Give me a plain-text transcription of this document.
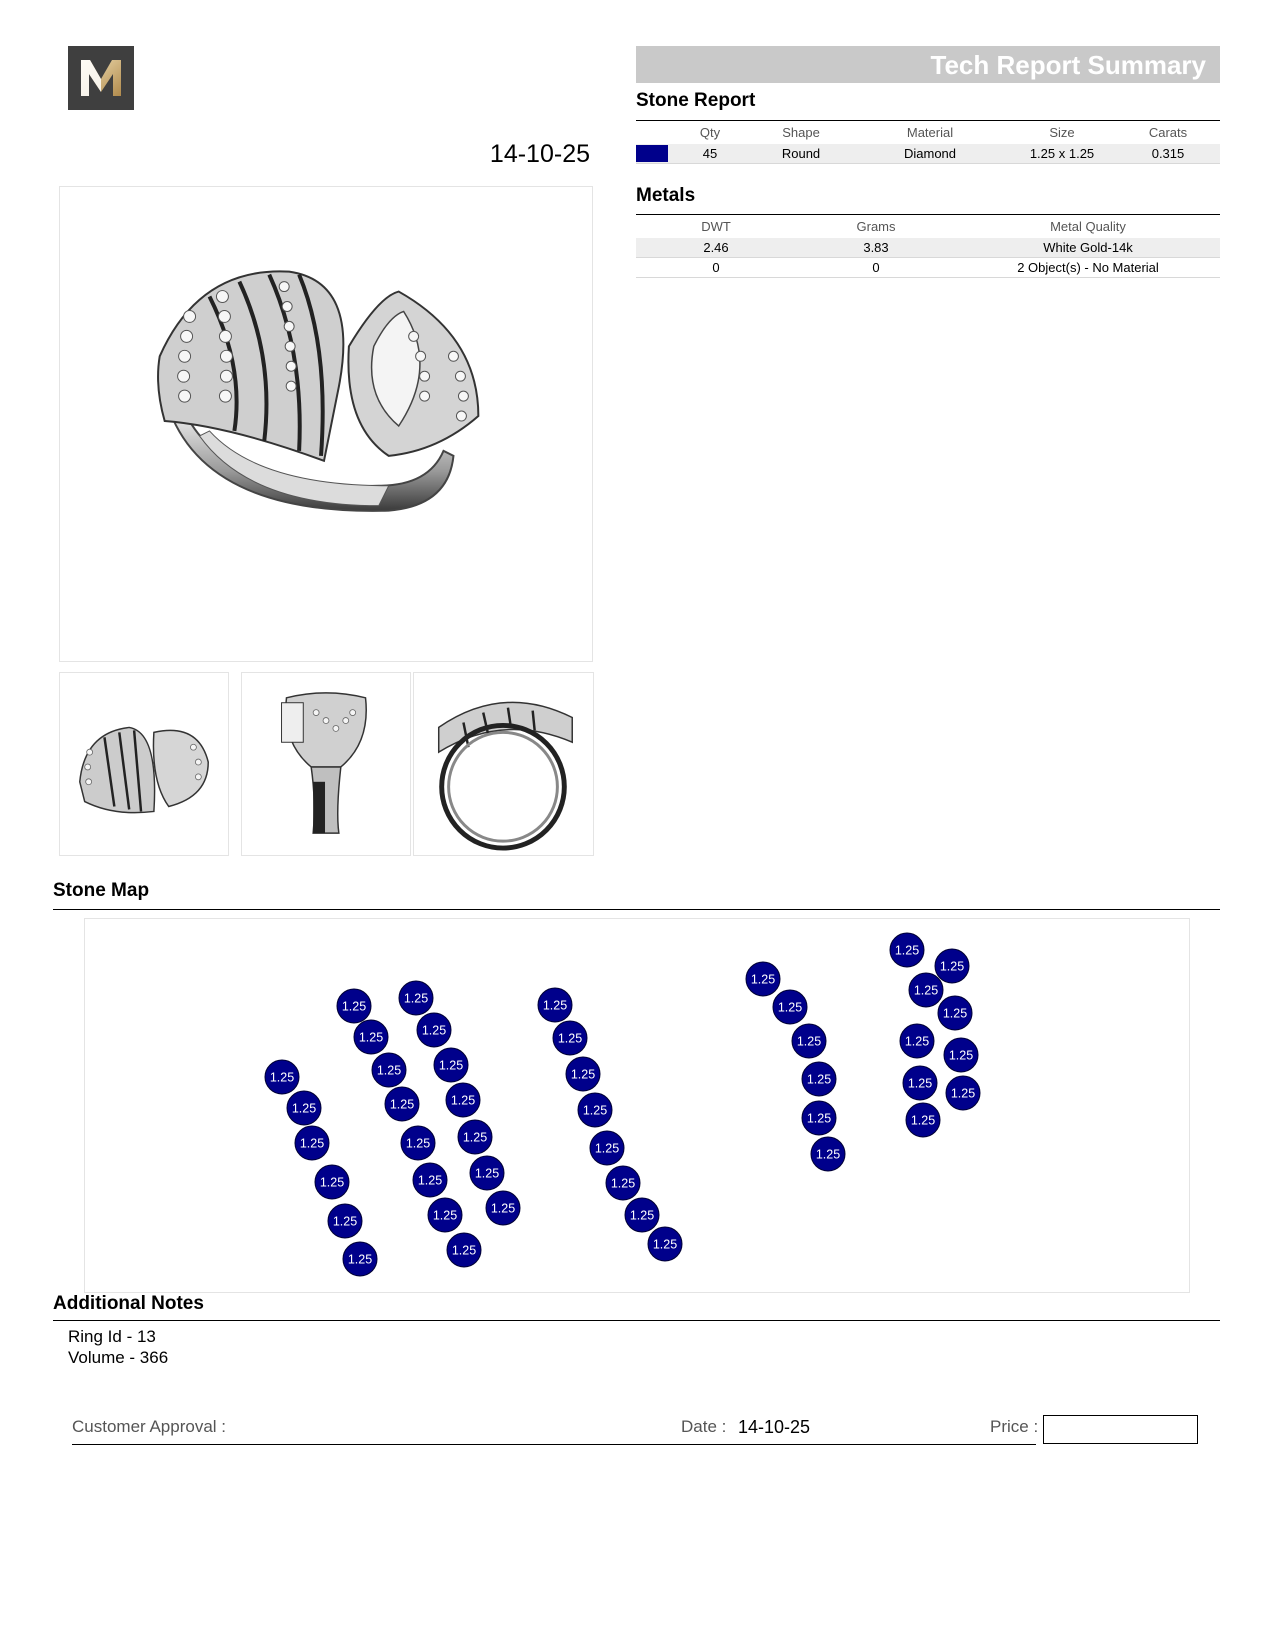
14-10-25
Tech Report Summary
Stone Report
	Qty	Shape	Material	Size	Carats
	45	Round	Diamond	1.25 x 1.25	0.315
Metals
DWT	Grams	Metal Quality
2.46	3.83	White Gold-14k
0	0	2 Object(s) - No Material
Stone Map
1.25
1.25
1.25
1.25
1.25
1.25
1.25
1.25
1.25
1.25
1.25
1.25
1.25
1.25
1.25
1.25
1.25
1.25
1.25
1.25
1.25
1.25
1.25
1.25
1.25
1.25
1.25
1.25
1.25
1.25
1.25
1.25
1.25
1.25
1.25
1.25
1.25
1.25
1.25
1.25
1.25
1.25
1.25
1.25
Additional Notes
Ring Id - 13
Volume - 366
Customer Approval :	Date : 14-10-25	Price :
